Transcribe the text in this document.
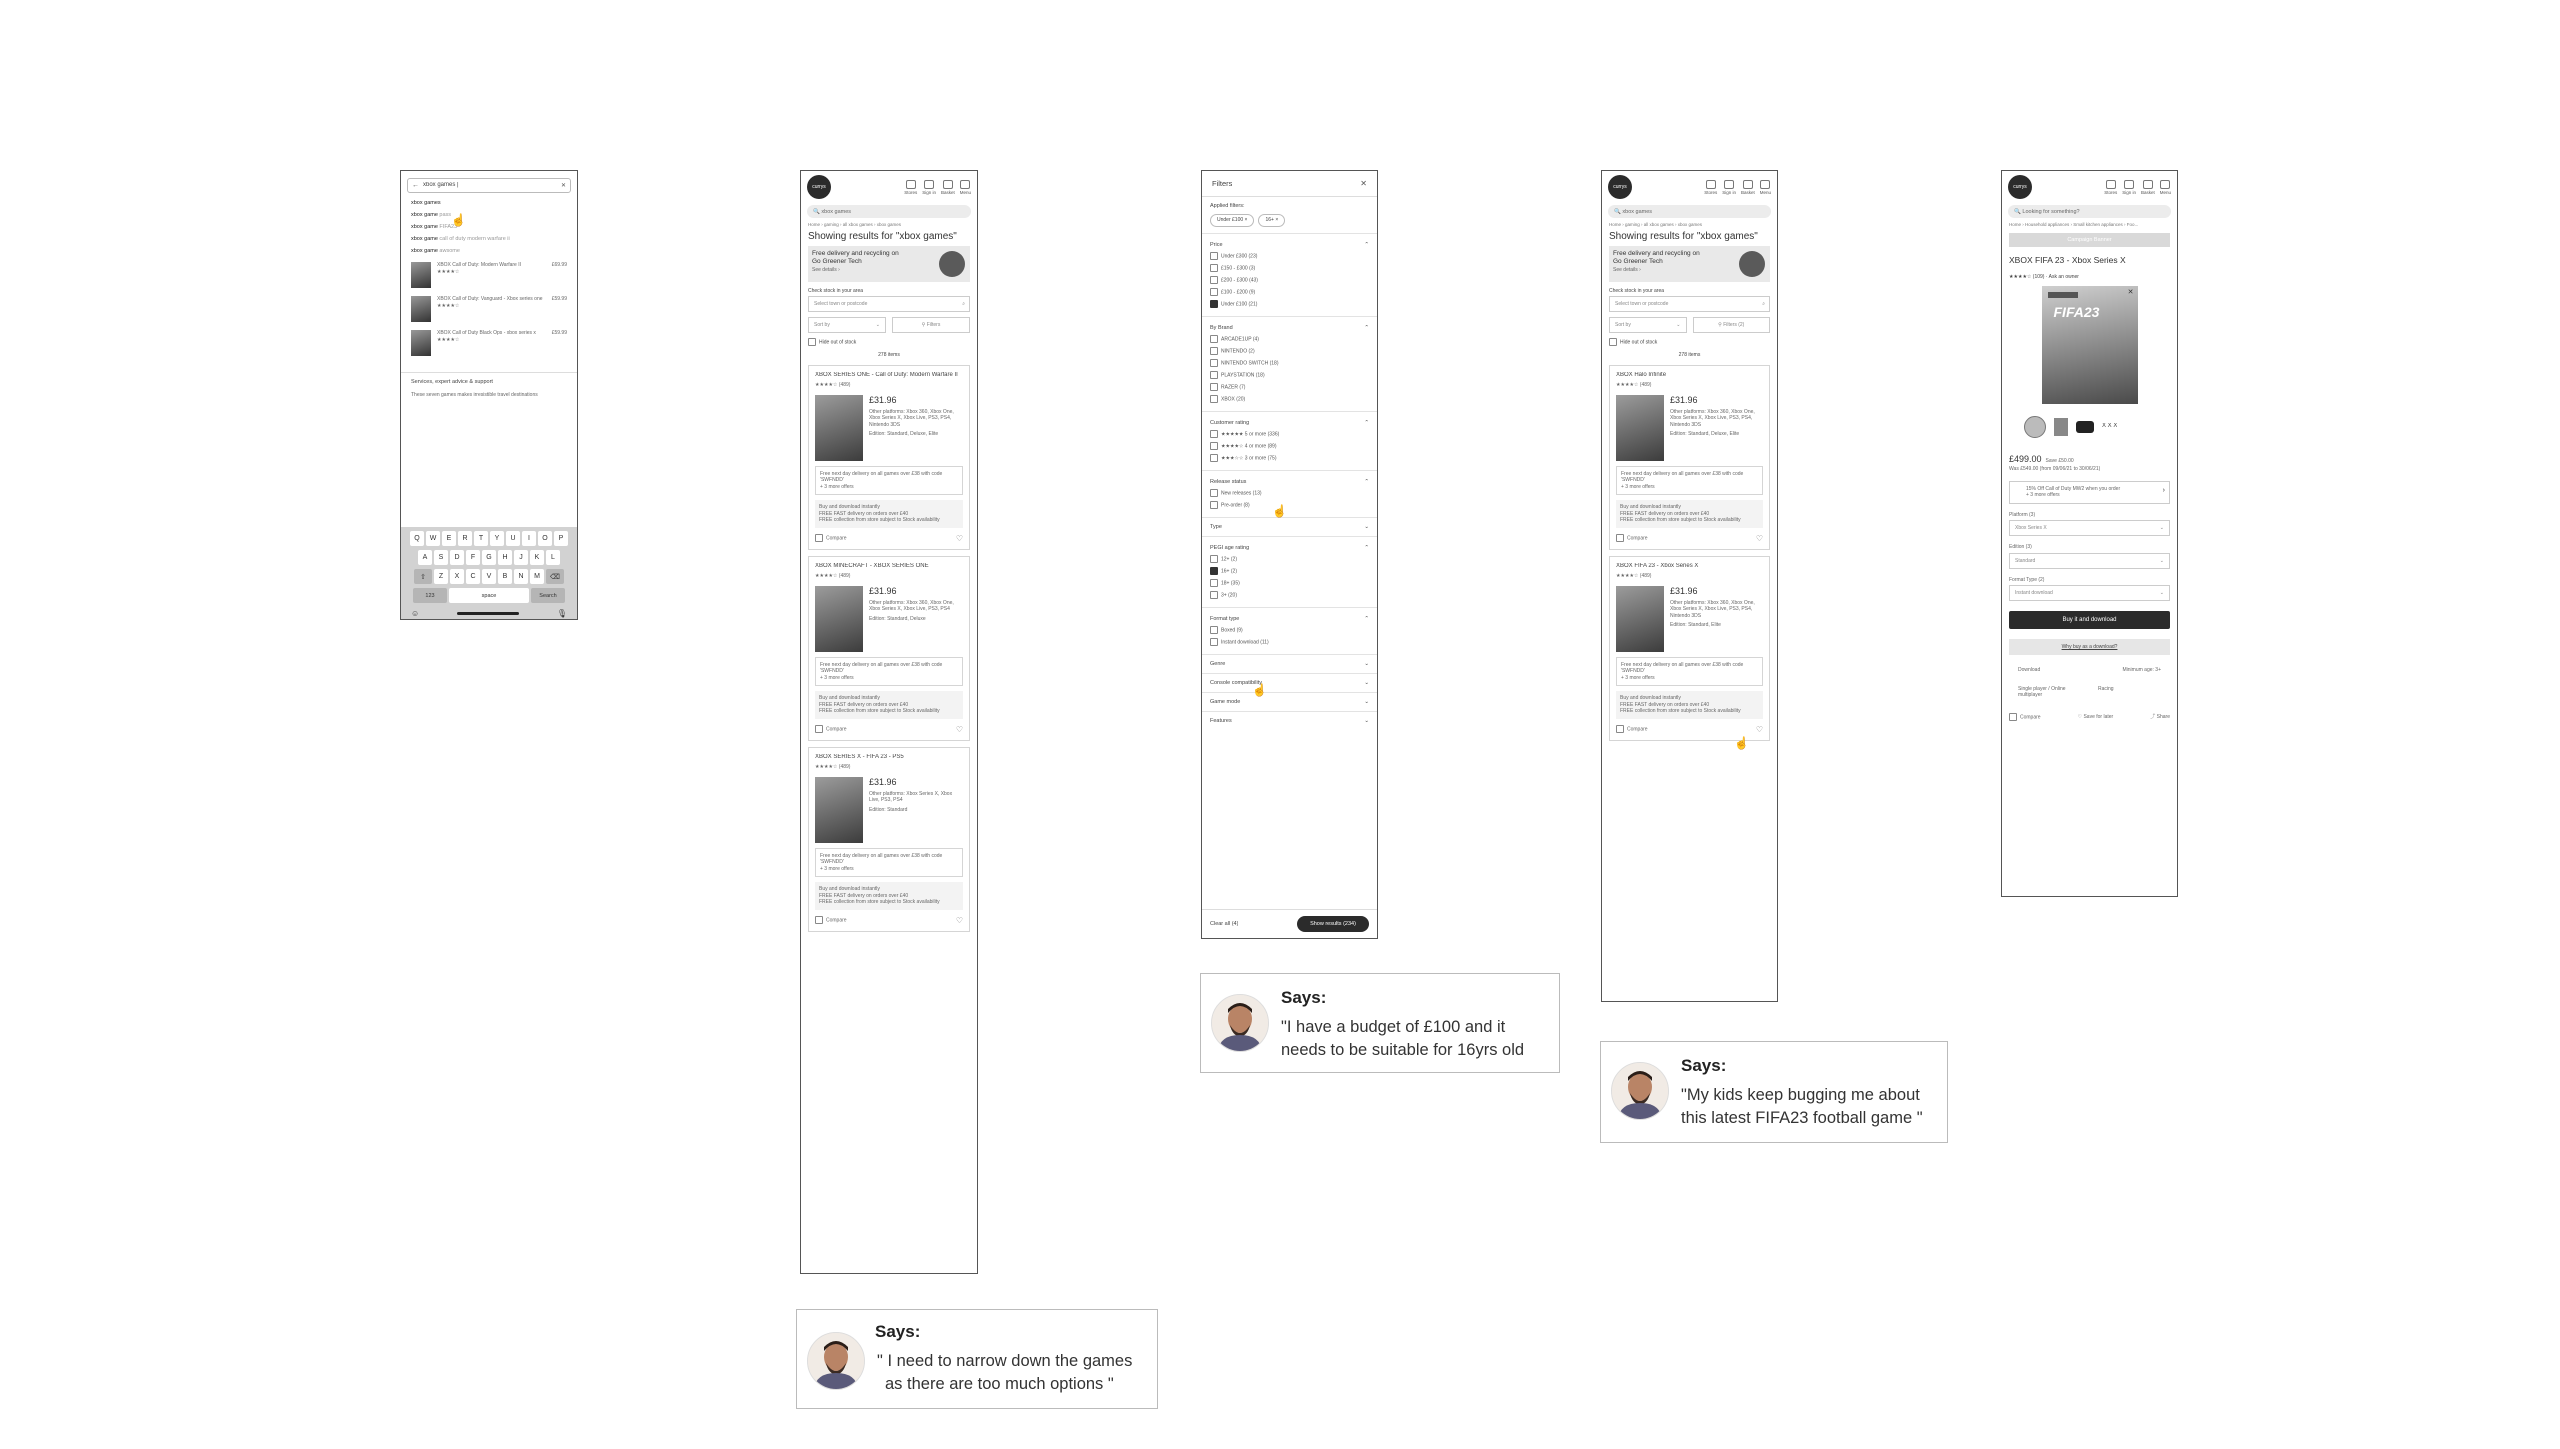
← xbox games |	✕
xbox games
xbox game pass
xbox game FIFA23
xbox game call of duty modern warfare ii
xbox game awsome
XBOX Call of Duty: Modern Warfare II
★★★★☆
£69.99
XBOX Call of Duty: Vanguard - Xbox series one
★★★★☆
£59.99
XBOX Call of Duty Black Ops - xbox series x
★★★★☆
£59.99
Services, expert advice & support
These seven games makes irresistible travel destinations
Q	W	E	R	T	Y	U	I	O	P
A	S	D	F	G	H	J	K	L
⇧	Z	X	C	V	B	N	M	⌫
123	space	Search
☺	🎙
☝
currys
Stores Sign in Basket Menu
🔍 xbox games
Home › gaming › all xbox games › xbox games
Showing results for "xbox games"
Free delivery and recycling on
Go Greener Tech
See details ›
Check stock in your area
Select town or postcode	⌕
Sort by	⌄	⚲
Filters
Hide out of stock
278 items
XBOX SERIES ONE - Call of Duty: Modern Warfare II
★★★★☆ (489)
£31.96
Other platforms: Xbox 360, Xbox One, Xbox Series X, Xbox Live, PS3, PS4, Nintendo 3DS
Edition: Standard, Deluxe, Elite
Free next day delivery on all games over £38 with code 'SWFNDD'
+ 3 more offers
Buy and download instantly
FREE FAST delivery on orders over £40
FREE collection from store subject to Stock availability
Compare	♡
XBOX MINECRAFT - XBOX SERIES ONE
★★★★☆ (489)
£31.96
Other platforms: Xbox 360, Xbox One, Xbox Series X, Xbox Live, PS3, PS4
Edition: Standard, Deluxe
Free next day delivery on all games over £38 with code 'SWFNDD'
+ 3 more offers
Buy and download instantly
FREE FAST delivery on orders over £40
FREE collection from store subject to Stock availability
Compare	♡
XBOX SERIES X - FIFA 23 - PS5
★★★★☆ (489)
£31.96
Other platforms: Xbox Series X, Xbox Live, PS3, PS4
Edition: Standard
Free next day delivery on all games over £38 with code 'SWFNDD'
+ 3 more offers
Buy and download instantly
FREE FAST delivery on orders over £40
FREE collection from store subject to Stock availability
Compare	♡
Filters	✕
Applied filters:
Under £100 ×	16+ ×
Price	⌃
Under £300 (23)
£150 - £300 (3)
£200 - £300 (43)
£100 - £200 (9)
Under £100 (21)
By Brand	⌃
ARCADE1UP (4)
NINTENDO (2)
NINTENDO SWITCH (18)
PLAYSTATION (18)
RAZER (7)
XBOX (20)
Customer rating	⌃
★★★★★ 5 or more (336)
★★★★☆ 4 or more (89)
★★★☆☆ 3 or more (75)
Release status	⌃
New releases (13)
Pre-order (8)
Type	⌄
PEGI age rating	⌃
12+ (2)
16+ (2)
18+ (35)
3+ (20)
Format type	⌃
Boxed (9)
Instant download (11)
Genre	⌄
Console compatibility	⌄
Game mode	⌄
Features	⌄
Clear all (4)	Show results (234)
☝
☝
currys
Stores Sign in Basket Menu
🔍 xbox games
Home › gaming › all xbox games › xbox games
Showing results for "xbox games"
Free delivery and recycling on
Go Greener Tech
See details ›
Check stock in your area
Select town or postcode	⌕
Sort by	⌄	⚲
Filters (2)
Hide out of stock
278 items
XBOX Halo Infinite
★★★★☆ (489)
£31.96
Other platforms: Xbox 360, Xbox One, Xbox Series X, Xbox Live, PS3, PS4, Nintendo 3DS
Edition: Standard, Deluxe, Elite
Free next day delivery on all games over £38 with code 'SWFNDD'
+ 3 more offers
Buy and download instantly
FREE FAST delivery on orders over £40
FREE collection from store subject to Stock availability
Compare	♡
XBOX FIFA 23 - Xbox Series X
★★★★☆ (489)
£31.96
Other platforms: Xbox 360, Xbox One, Xbox Series X, Xbox Live, PS3, PS4, Nintendo 3DS
Edition: Standard, Elite
Free next day delivery on all games over £38 with code 'SWFNDD'
+ 3 more offers
Buy and download instantly
FREE FAST delivery on orders over £40
FREE collection from store subject to Stock availability
Compare	♡
☝
currys
Stores Sign in Basket Menu
🔍 Looking for something?
Home › Household appliances › Small kitchen appliances › Foo...
Campaign Banner
XBOX FIFA 23 - Xbox Series X
★★★★☆ (109) · Ask an owner
✕
FIFA23
X X X
£499.00 Save £50.00
Was £549.00 (from 09/06/21 to 30/06/21)
15% Off Call of Duty MW2 when you order
+ 3 more offers
›
Platform (3)
Xbox Series X	⌄
Edition (3)
Standard	⌄
Format Type (2)
Instant download	⌄
Buy it and download
Why buy as a download?
Download	Minimum age: 3+
Single player / Online multiplayer
Racing
Compare	♡ Save for later	⤴ Share
Says:
" I need to narrow down the games
as there are too much options "
Says:
"I have a budget of £100 and it
needs to be suitable for 16yrs old
Says:
"My kids keep bugging me about
this latest FIFA23 football game "
